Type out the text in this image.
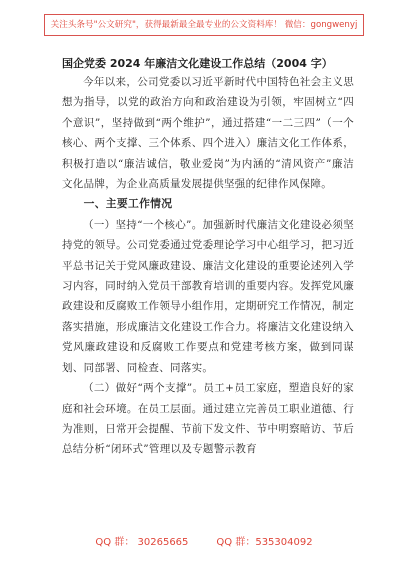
关注头条号"公文研究"，获得最新最全最专业的公文资料库！ 微信：gongwenyj
国企党委 2024 年廉洁文化建设工作总结（2004 字）

今年以来，公司党委以习近平新时代中国特色社会主义思想为指导，以党的政治方向和政治建设为引领，牢固树立“四个意识”，坚持做到“两个维护”，通过搭建“一二三四”（一个核心、两个支撑、三个体系、四个进入）廉洁文化工作体系，积极打造以“廉洁诚信，敬业爱岗”为内涵的“清风资产”廉洁文化品牌，为企业高质量发展提供坚强的纪律作风保障。

一、主要工作情况

（一）坚持“一个核心”。加强新时代廉洁文化建设必须坚持党的领导。公司党委通过党委理论学习中心组学习，把习近平总书记关于党风廉政建设、廉洁文化建设的重要论述列入学习内容，同时纳入党员干部教育培训的重要内容。发挥党风廉政建设和反腐败工作领导小组作用，定期研究工作情况，制定落实措施，形成廉洁文化建设工作合力。将廉洁文化建设纳入党风廉政建设和反腐败工作要点和党建考核方案，做到同谋划、同部署、同检查、同落实。

（二）做好“两个支撑”。员工+员工家庭，塑造良好的家庭和社会环境。在员工层面。通过建立完善员工职业道德、行为准则，日常开会提醒、节前下发文件、节中明察暗访、节后总结分析“闭环式”管理以及专题警示教育

QQ 群： 30265665	QQ 群：535304092
